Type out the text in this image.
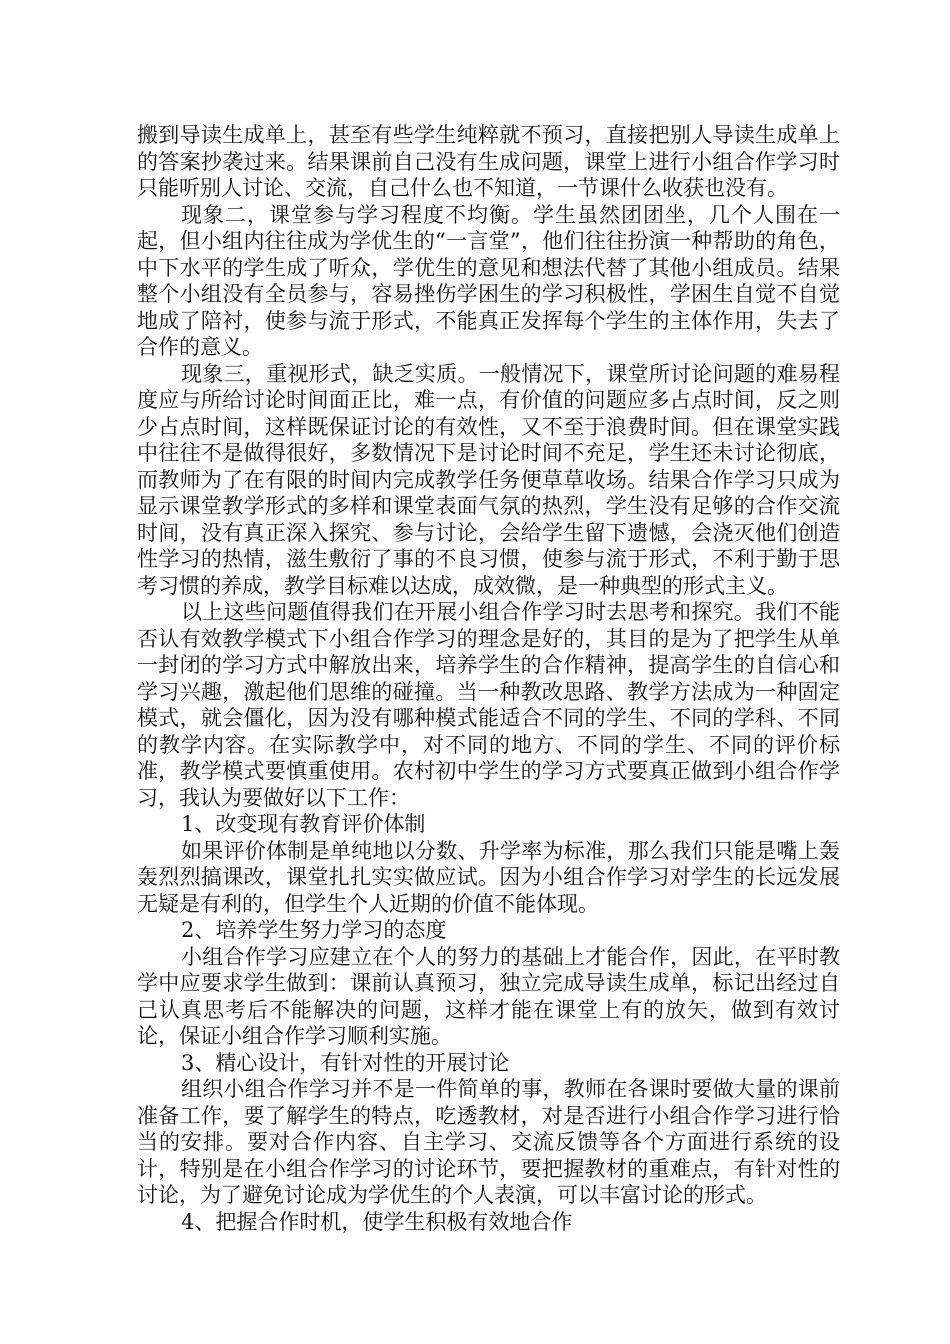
搬到导读生成单上，甚至有些学生纯粹就不预习，直接把别人导读生成单上的答案抄袭过来。结果课前自己没有生成问题，课堂上进行小组合作学习时只能听别人讨论、交流，自己什么也不知道，一节课什么收获也没有。

现象二，课堂参与学习程度不均衡。学生虽然团团坐，几个人围在一起，但小组内往往成为学优生的“一言堂”，他们往往扮演一种帮助的角色，中下水平的学生成了听众，学优生的意见和想法代替了其他小组成员。结果整个小组没有全员参与，容易挫伤学困生的学习积极性，学困生自觉不自觉地成了陪衬，使参与流于形式，不能真正发挥每个学生的主体作用，失去了合作的意义。

现象三，重视形式，缺乏实质。一般情况下，课堂所讨论问题的难易程度应与所给讨论时间面正比，难一点，有价值的问题应多占点时间，反之则少占点时间，这样既保证讨论的有效性，又不至于浪费时间。但在课堂实践中往往不是做得很好，多数情况下是讨论时间不充足，学生还未讨论彻底，而教师为了在有限的时间内完成教学任务便草草收场。结果合作学习只成为显示课堂教学形式的多样和课堂表面气氛的热烈，学生没有足够的合作交流时间，没有真正深入探究、参与讨论，会给学生留下遗憾，会浇灭他们创造性学习的热情，滋生敷衍了事的不良习惯，使参与流于形式，不利于勤于思考习惯的养成，教学目标难以达成，成效微，是一种典型的形式主义。

以上这些问题值得我们在开展小组合作学习时去思考和探究。我们不能否认有效教学模式下小组合作学习的理念是好的，其目的是为了把学生从单一封闭的学习方式中解放出来，培养学生的合作精神，提高学生的自信心和学习兴趣，激起他们思维的碰撞。当一种教改思路、教学方法成为一种固定模式，就会僵化，因为没有哪种模式能适合不同的学生、不同的学科、不同的教学内容。在实际教学中，对不同的地方、不同的学生、不同的评价标准，教学模式要慎重使用。农村初中学生的学习方式要真正做到小组合作学习，我认为要做好以下工作：

1、改变现有教育评价体制

如果评价体制是单纯地以分数、升学率为标准，那么我们只能是嘴上轰轰烈烈搞课改，课堂扎扎实实做应试。因为小组合作学习对学生的长远发展无疑是有利的，但学生个人近期的价值不能体现。

2、培养学生努力学习的态度

小组合作学习应建立在个人的努力的基础上才能合作，因此，在平时教学中应要求学生做到：课前认真预习，独立完成导读生成单，标记出经过自己认真思考后不能解决的问题，这样才能在课堂上有的放矢，做到有效讨论，保证小组合作学习顺利实施。

3、精心设计，有针对性的开展讨论

组织小组合作学习并不是一件简单的事，教师在各课时要做大量的课前准备工作，要了解学生的特点，吃透教材，对是否进行小组合作学习进行恰当的安排。要对合作内容、自主学习、交流反馈等各个方面进行系统的设计，特别是在小组合作学习的讨论环节，要把握教材的重难点，有针对性的讨论，为了避免讨论成为学优生的个人表演，可以丰富讨论的形式。

4、把握合作时机，使学生积极有效地合作
